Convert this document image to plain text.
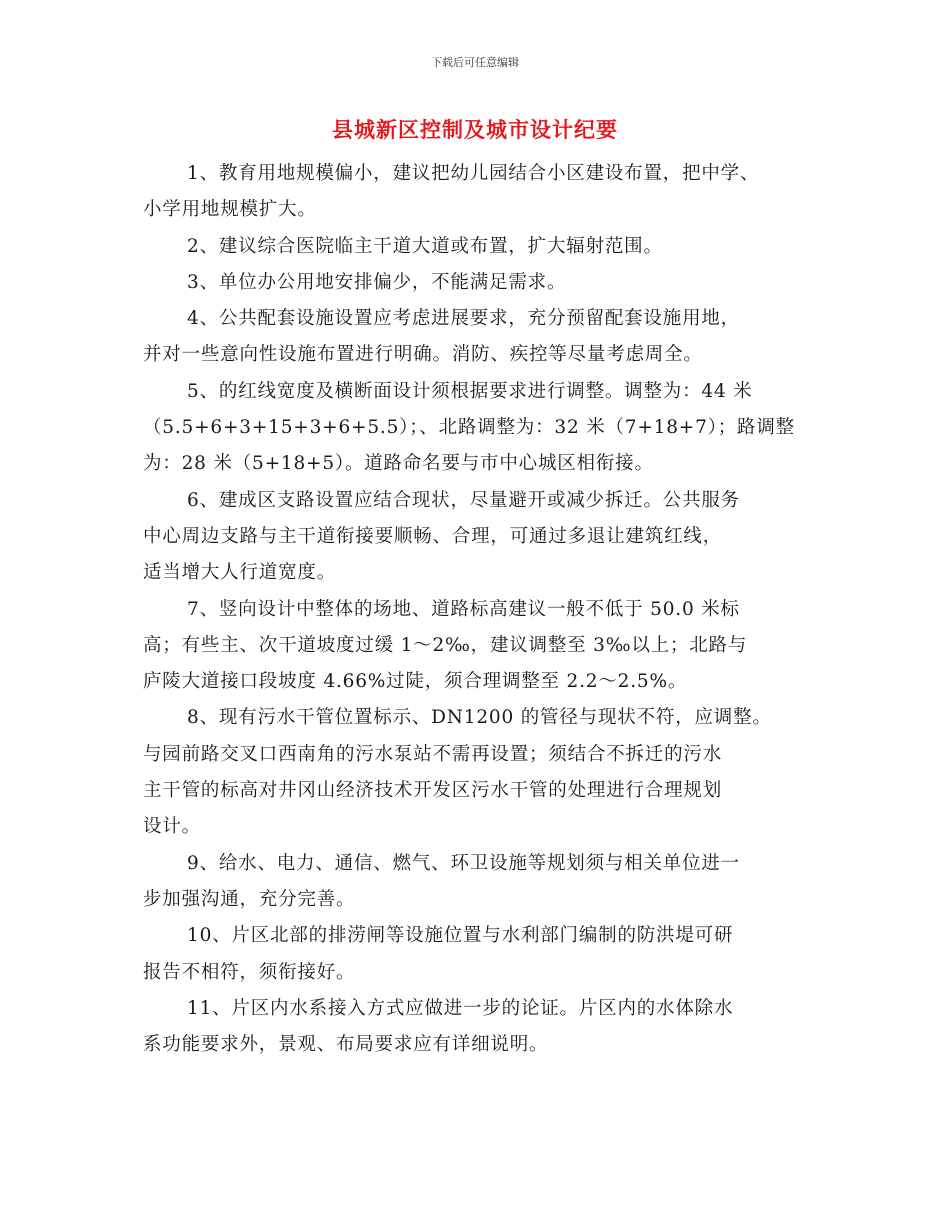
下载后可任意编辑
县城新区控制及城市设计纪要

1、教育用地规模偏小，建议把幼儿园结合小区建设布置，把中学、
小学用地规模扩大。

2、建议综合医院临主干道大道或布置，扩大辐射范围。

3、单位办公用地安排偏少，不能满足需求。

4、公共配套设施设置应考虑进展要求，充分预留配套设施用地，
并对一些意向性设施布置进行明确。消防、疾控等尽量考虑周全。

5、的红线宽度及横断面设计须根据要求进行调整。调整为：44 米
（5.5+6+3+15+3+6+5.5）；、北路调整为：32 米（7+18+7）；路调整
为：28 米（5+18+5）。道路命名要与市中心城区相衔接。

6、建成区支路设置应结合现状，尽量避开或减少拆迁。公共服务
中心周边支路与主干道衔接要顺畅、合理，可通过多退让建筑红线，
适当增大人行道宽度。

7、竖向设计中整体的场地、道路标高建议一般不低于 50.0 米标
高；有些主、次干道坡度过缓 1～2‰，建议调整至 3‰以上；北路与
庐陵大道接口段坡度 4.66%过陡，须合理调整至 2.2～2.5%。

8、现有污水干管位置标示、DN1200 的管径与现状不符，应调整。
与园前路交叉口西南角的污水泵站不需再设置；须结合不拆迁的污水
主干管的标高对井冈山经济技术开发区污水干管的处理进行合理规划
设计。

9、给水、电力、通信、燃气、环卫设施等规划须与相关单位进一
步加强沟通，充分完善。

10、片区北部的排涝闸等设施位置与水利部门编制的防洪堤可研
报告不相符，须衔接好。

11、片区内水系接入方式应做进一步的论证。片区内的水体除水
系功能要求外，景观、布局要求应有详细说明。
